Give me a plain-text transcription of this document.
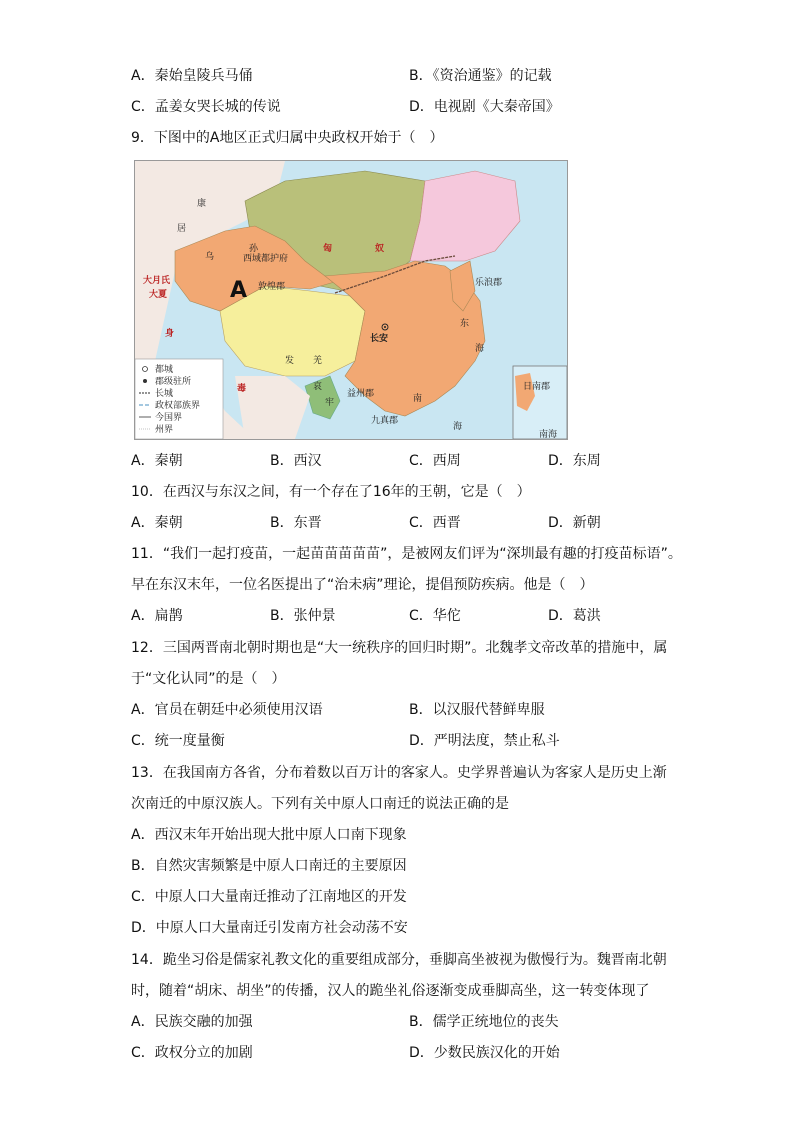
A．秦始皇陵兵马俑	B．《资治通鉴》的记载
C．孟姜女哭长城的传说	D．电视剧《大秦帝国》
9．下图中的A地区正式归属中央政权开始于（　）
都城
郡级驻所
长城
政权部族界
今国界
州界
A
西域都护府
敦煌郡
长安
乐浪郡
益州郡
九真郡
日南郡
南海
匈	奴
发 羌
大月氏
大夏
康
居
乌
孙
身
毒	哀
牢
东
海
南
海
A．秦朝	B．西汉	C．西周	D．东周
10．在西汉与东汉之间，有一个存在了16年的王朝，它是（　）
A．秦朝	B．东晋	C．西晋	D．新朝
11．“我们一起打疫苗，一起苗苗苗苗苗”，是被网友们评为“深圳最有趣的打疫苗标语”。
早在东汉末年，一位名医提出了“治未病”理论，提倡预防疾病。他是（　）
A．扁鹊	B．张仲景	C．华佗	D．葛洪
12．三国两晋南北朝时期也是“大一统秩序的回归时期”。北魏孝文帝改革的措施中，属
于“文化认同”的是（　）
A．官员在朝廷中必须使用汉语	B．以汉服代替鲜卑服
C．统一度量衡	D．严明法度，禁止私斗
13．在我国南方各省，分布着数以百万计的客家人。史学界普遍认为客家人是历史上渐
次南迁的中原汉族人。下列有关中原人口南迁的说法正确的是
A．西汉末年开始出现大批中原人口南下现象
B．自然灾害频繁是中原人口南迁的主要原因
C．中原人口大量南迁推动了江南地区的开发
D．中原人口大量南迁引发南方社会动荡不安
14．跪坐习俗是儒家礼教文化的重要组成部分，垂脚高坐被视为傲慢行为。魏晋南北朝
时，随着“胡床、胡坐”的传播，汉人的跪坐礼俗逐渐变成垂脚高坐，这一转变体现了
A．民族交融的加强	B．儒学正统地位的丧失
C．政权分立的加剧	D．少数民族汉化的开始
